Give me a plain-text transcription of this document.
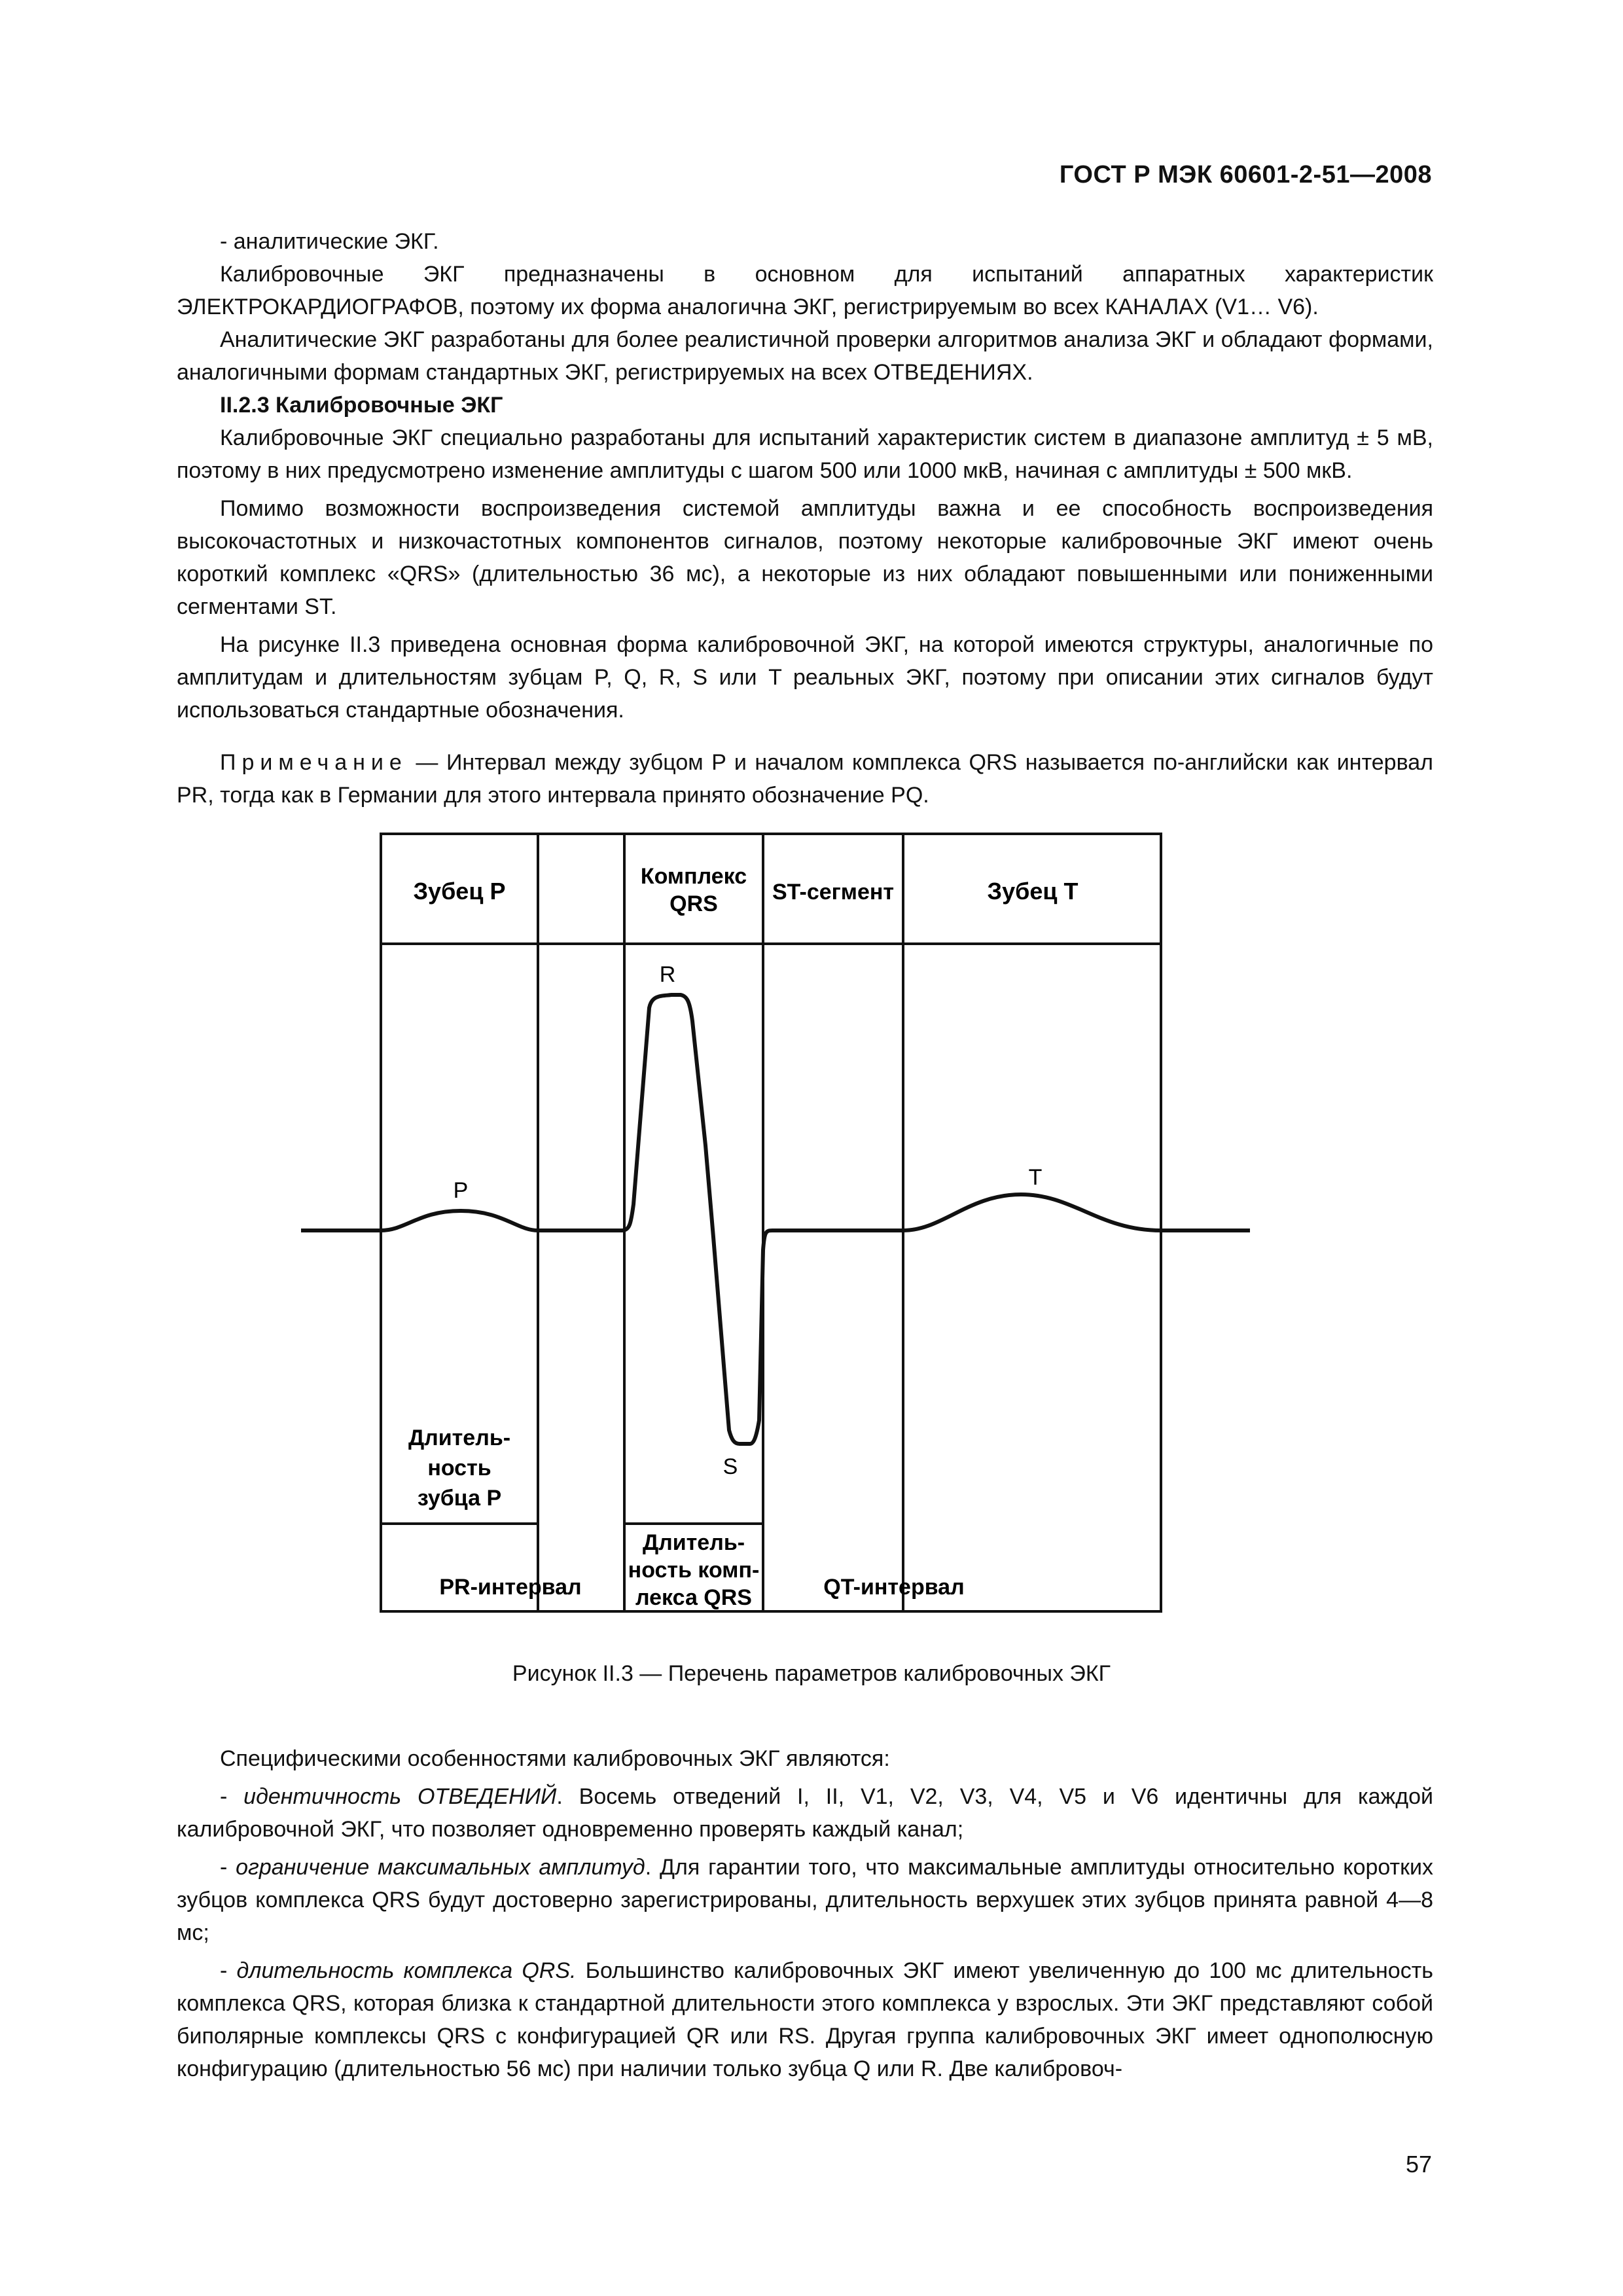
ГОСТ Р МЭК 60601-2-51—2008

- аналитические ЭКГ.

Калибровочные ЭКГ предназначены в основном для испытаний аппаратных характеристик ЭЛЕКТРОКАРДИОГРАФОВ, поэтому их форма аналогична ЭКГ, регистрируемым во всех КАНАЛАХ (V1… V6).

Аналитические ЭКГ разработаны для более реалистичной проверки алгоритмов анализа ЭКГ и обладают формами, аналогичными формам стандартных ЭКГ, регистрируемых на всех ОТВЕДЕНИЯХ.

II.2.3 Калибровочные ЭКГ

Калибровочные ЭКГ специально разработаны для испытаний характеристик систем в диапазоне амплитуд ± 5 мВ, поэтому в них предусмотрено изменение амплитуды с шагом 500 или 1000 мкВ, начиная с амплитуды ± 500 мкВ.

Помимо возможности воспроизведения системой амплитуды важна и ее способность воспроизведения высокочастотных и низкочастотных компонентов сигналов, поэтому некоторые калибровочные ЭКГ имеют очень короткий комплекс «QRS» (длительностью 36 мс), а некоторые из них обладают повышенными или пониженными сегментами ST.

На рисунке II.3 приведена основная форма калибровочной ЭКГ, на которой имеются структуры, аналогичные по амплитудам и длительностям зубцам P, Q, R, S или T реальных ЭКГ, поэтому при описании этих сигналов будут использоваться стандартные обозначения.

Примечание — Интервал между зубцом P и началом комплекса QRS называется по-английски как интервал PR, тогда как в Германии для этого интервала принято обозначение PQ.

Зубец P
Комплекс
QRS ST-сегмент	Зубец T
P
R
S
T
Длитель-
ность
зубца P
Длитель-
ность комп-
лекса QRS
PR-интервал	QT-интервал
Рисунок II.3 — Перечень параметров калибровочных ЭКГ

Специфическими особенностями калибровочных ЭКГ являются:

- идентичность ОТВЕДЕНИЙ. Восемь отведений I, II, V1, V2, V3, V4, V5 и V6 идентичны для каждой калибровочной ЭКГ, что позволяет одновременно проверять каждый канал;

- ограничение максимальных амплитуд. Для гарантии того, что максимальные амплитуды относительно коротких зубцов комплекса QRS будут достоверно зарегистрированы, длительность верхушек этих зубцов принята равной 4—8 мс;

- длительность комплекса QRS. Большинство калибровочных ЭКГ имеют увеличенную до 100 мс длительность комплекса QRS, которая близка к стандартной длительности этого комплекса у взрослых. Эти ЭКГ представляют собой биполярные комплексы QRS с конфигурацией QR или RS. Другая группа калибровочных ЭКГ имеет однополюсную конфигурацию (длительностью 56 мс) при наличии только зубца Q или R. Две калибровоч-

57
